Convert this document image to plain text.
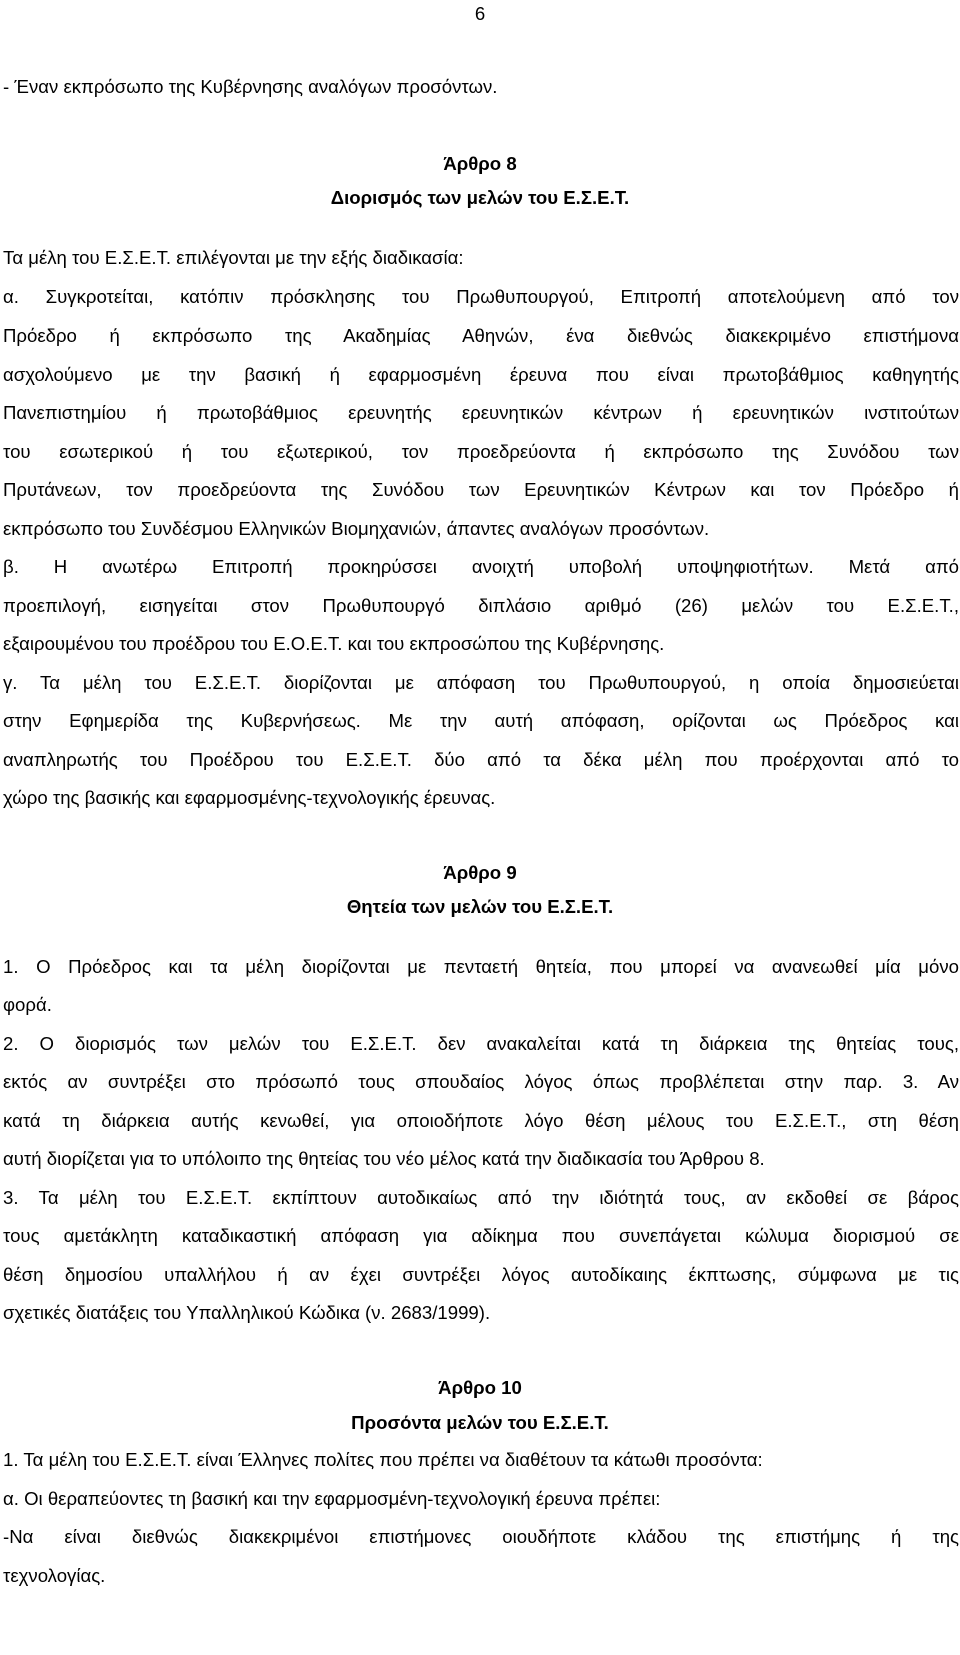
6
- Έναν εκπρόσωπο της Κυβέρνησης αναλόγων προσόντων.
Άρθρο 8
Διορισμός των μελών του Ε.Σ.Ε.Τ.
Τα μέλη του Ε.Σ.Ε.Τ. επιλέγονται με την εξής διαδικασία:
α. Συγκροτείται, κατόπιν πρόσκλησης του Πρωθυπουργού, Επιτροπή αποτελούμενη από τον
Πρόεδρο ή εκπρόσωπο της Ακαδημίας Αθηνών, ένα διεθνώς διακεκριμένο επιστήμονα
ασχολούμενο με την βασική ή εφαρμοσμένη έρευνα που είναι πρωτοβάθμιος καθηγητής
Πανεπιστημίου ή πρωτοβάθμιος ερευνητής ερευνητικών κέντρων ή ερευνητικών ινστιτούτων
του εσωτερικού ή του εξωτερικού, τον προεδρεύοντα ή εκπρόσωπο της Συνόδου των
Πρυτάνεων, τον προεδρεύοντα της Συνόδου των Ερευνητικών Κέντρων και τον Πρόεδρο ή
εκπρόσωπο του Συνδέσμου Ελληνικών Βιομηχανιών, άπαντες αναλόγων προσόντων.
β. Η ανωτέρω Επιτροπή προκηρύσσει ανοιχτή υποβολή υποψηφιοτήτων. Μετά από
προεπιλογή, εισηγείται στον Πρωθυπουργό διπλάσιο αριθμό (26) μελών του Ε.Σ.Ε.Τ.,
εξαιρουμένου του προέδρου του Ε.Ο.Ε.Τ. και του εκπροσώπου της Κυβέρνησης.
γ. Τα μέλη του Ε.Σ.Ε.Τ. διορίζονται με απόφαση του Πρωθυπουργού, η οποία δημοσιεύεται
στην Εφημερίδα της Κυβερνήσεως. Με την αυτή απόφαση, ορίζονται ως Πρόεδρος και
αναπληρωτής του Προέδρου του Ε.Σ.Ε.Τ. δύο από τα δέκα μέλη που προέρχονται από το
χώρο της βασικής και εφαρμοσμένης-τεχνολογικής έρευνας.
Άρθρο 9
Θητεία των μελών του Ε.Σ.Ε.Τ.
1. Ο Πρόεδρος και τα μέλη διορίζονται με πενταετή θητεία, που μπορεί να ανανεωθεί μία μόνο
φορά.
2. Ο διορισμός των μελών του Ε.Σ.Ε.Τ. δεν ανακαλείται κατά τη διάρκεια της θητείας τους,
εκτός αν συντρέξει στο πρόσωπό τους σπουδαίος λόγος όπως προβλέπεται στην παρ. 3. Αν
κατά τη διάρκεια αυτής κενωθεί, για οποιοδήποτε λόγο θέση μέλους του Ε.Σ.Ε.Τ., στη θέση
αυτή διορίζεται για το υπόλοιπο της θητείας του νέο μέλος κατά την διαδικασία του Άρθρου 8.
3. Τα μέλη του Ε.Σ.Ε.Τ. εκπίπτουν αυτοδικαίως από την ιδιότητά τους, αν εκδοθεί σε βάρος
τους αμετάκλητη καταδικαστική απόφαση για αδίκημα που συνεπάγεται κώλυμα διορισμού σε
θέση δημοσίου υπαλλήλου ή αν έχει συντρέξει λόγος αυτοδίκαιης έκπτωσης, σύμφωνα με τις
σχετικές διατάξεις του Υπαλληλικού Κώδικα (ν. 2683/1999).
Άρθρο 10
Προσόντα μελών του Ε.Σ.Ε.Τ.
1. Τα μέλη του Ε.Σ.Ε.Τ. είναι Έλληνες πολίτες που πρέπει να διαθέτουν τα κάτωθι προσόντα:
α. Οι θεραπεύοντες τη βασική και την εφαρμοσμένη-τεχνολογική έρευνα πρέπει:
-Να είναι διεθνώς διακεκριμένοι επιστήμονες οιουδήποτε κλάδου της επιστήμης ή της
τεχνολογίας.
